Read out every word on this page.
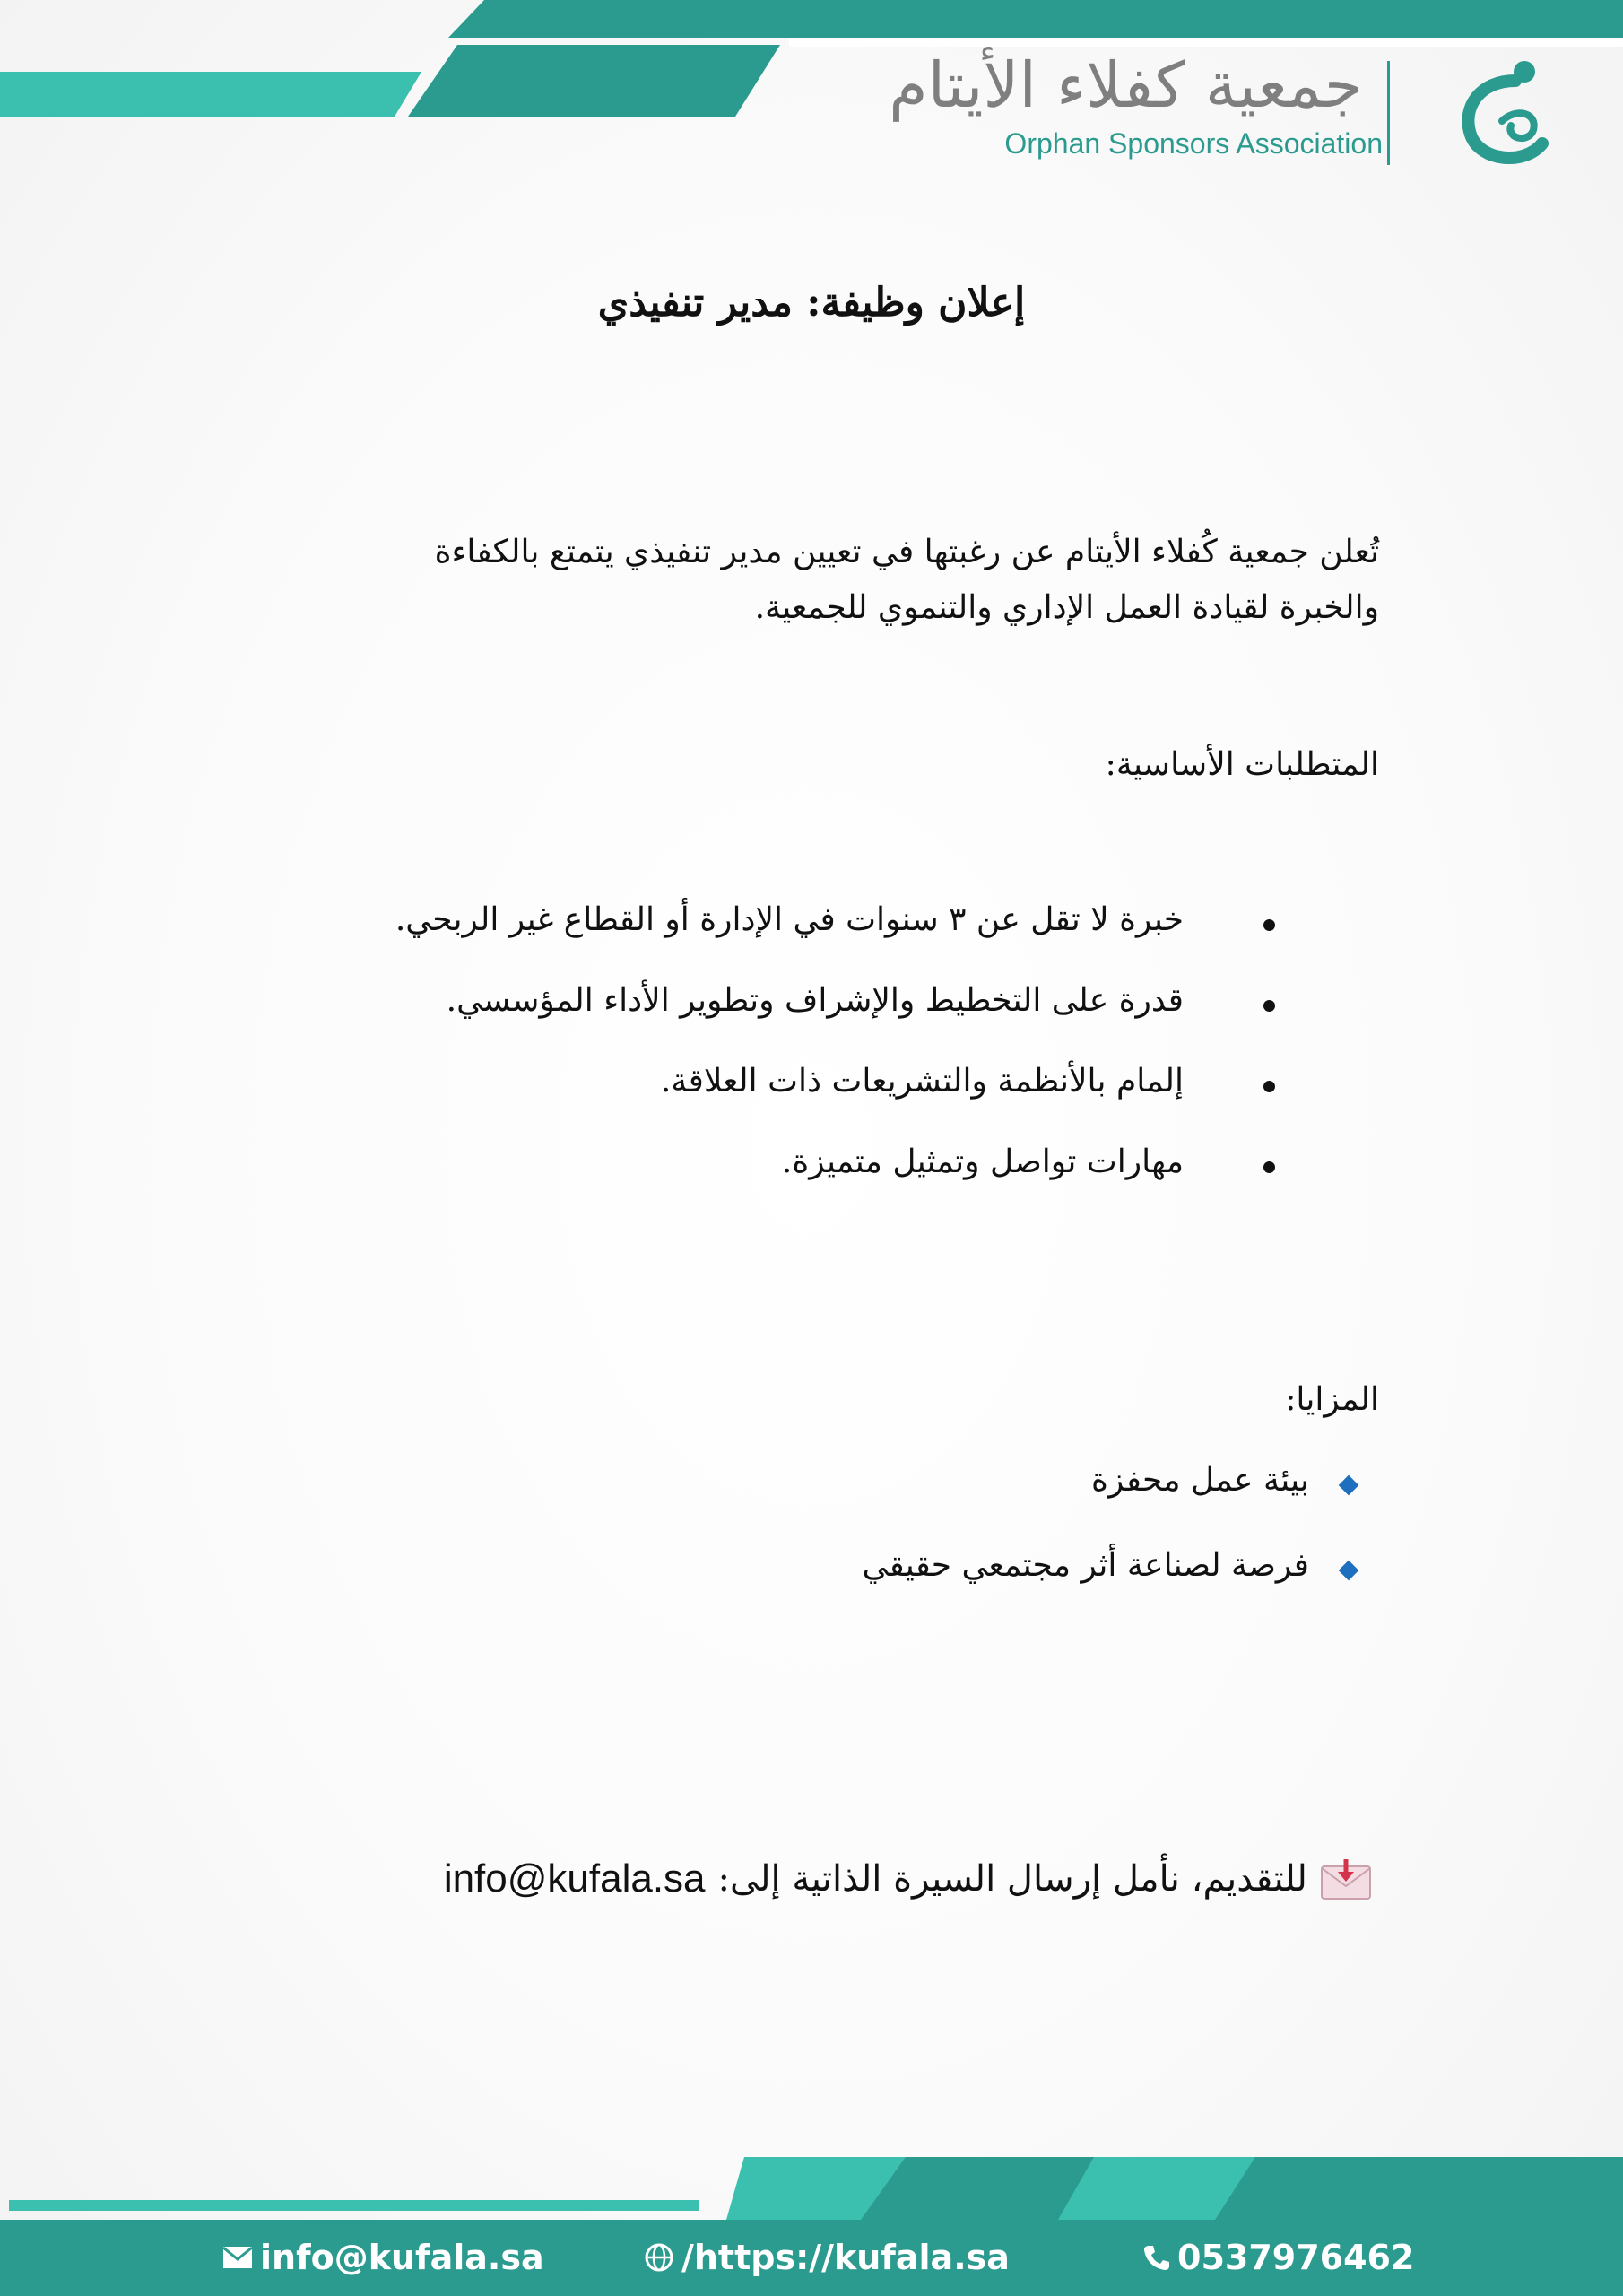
جمعية كفلاء الأيتام
Orphan Sponsors Association
إعلان وظيفة: مدير تنفيذي
تُعلن جمعية كُفلاء الأيتام عن رغبتها في تعيين مدير تنفيذي يتمتع بالكفاءة والخبرة لقيادة العمل الإداري والتنموي للجمعية.
المتطلبات الأساسية:
خبرة لا تقل عن ٣ سنوات في الإدارة أو القطاع غير الربحي.
قدرة على التخطيط والإشراف وتطوير الأداء المؤسسي.
إلمام بالأنظمة والتشريعات ذات العلاقة.
مهارات تواصل وتمثيل متميزة.
المزايا:
بيئة عمل محفزة
فرصة لصناعة أثر مجتمعي حقيقي
للتقديم، نأمل إرسال السيرة الذاتية إلى:
info@kufala.sa
info@kufala.sa	/https://kufala.sa	0537976462
